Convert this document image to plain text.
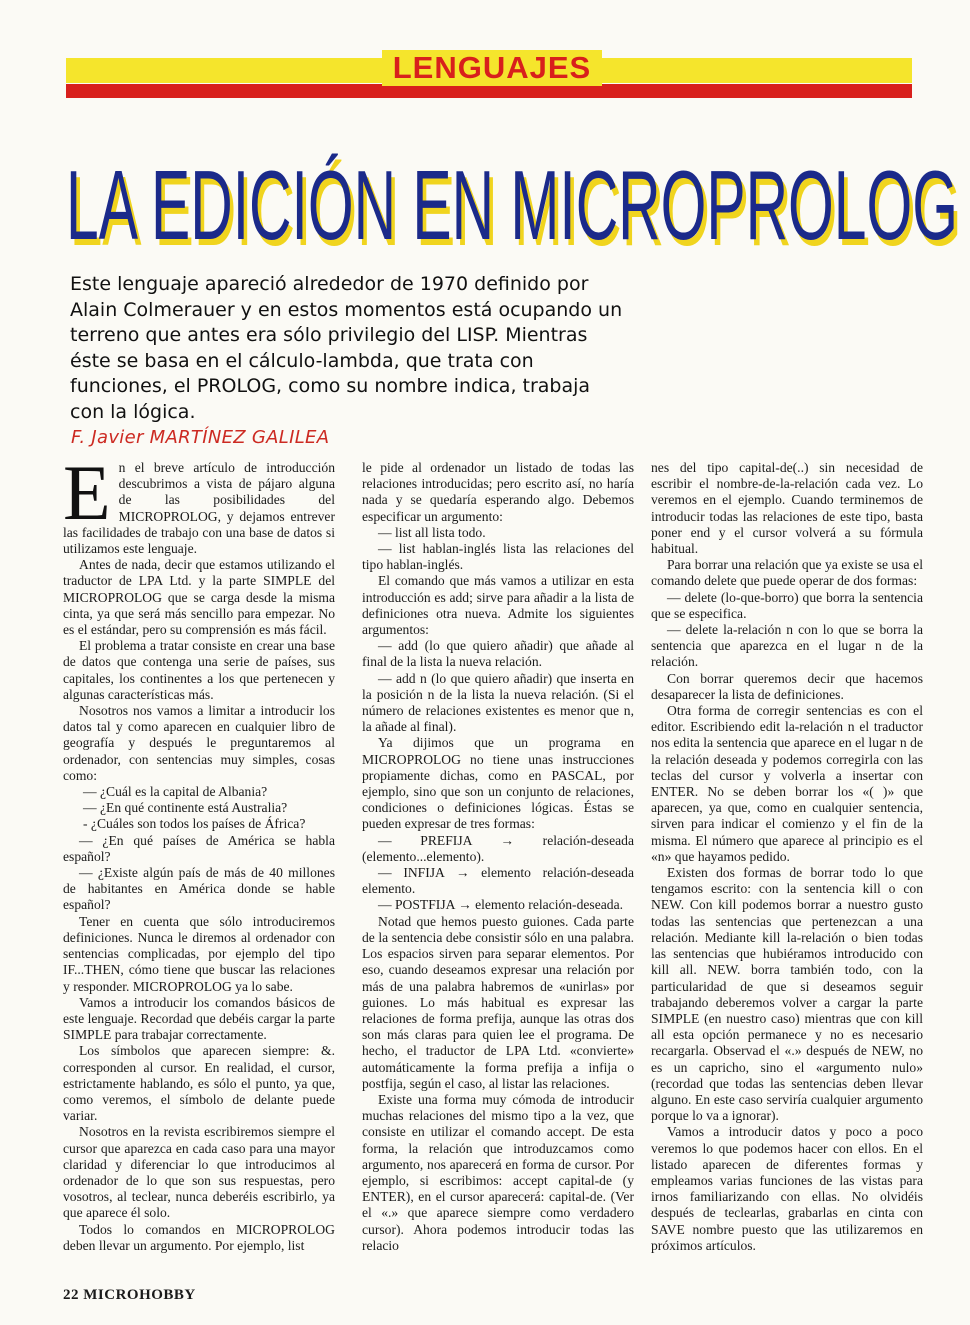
LENGUAJES
LA EDICIÓN EN MICROPROLOG

Este lenguaje apareció alrededor de 1970 definido por Alain Colmerauer y en estos momentos está ocupando un terreno que antes era sólo privilegio del LISP. Mientras éste se basa en el cálculo-lambda, que trata con funciones, el PROLOG, como su nombre indica, trabaja con la lógica.

F. Javier MARTÍNEZ GALILEA

En el breve artículo de introducción descubrimos a vista de pájaro alguna de las posibilidades del MICROPROLOG, y dejamos entrever las facilidades de trabajo con una base de datos si utilizamos este lenguaje.

Antes de nada, decir que estamos utilizando el traductor de LPA Ltd. y la parte SIMPLE del MICROPROLOG que se carga desde la misma cinta, ya que será más sencillo para empezar. No es el estándar, pero su comprensión es más fácil.

El problema a tratar consiste en crear una base de datos que contenga una serie de países, sus capitales, los continentes a los que pertenecen y algunas características más.

Nosotros nos vamos a limitar a introducir los datos tal y como aparecen en cualquier libro de geografía y después le preguntaremos al ordenador, con sentencias muy simples, cosas como:

— ¿Cuál es la capital de Albania?

— ¿En qué continente está Australia?

- ¿Cuáles son todos los países de África?

— ¿En qué países de América se habla español?

— ¿Existe algún país de más de 40 millones de habitantes en América donde se hable español?

Tener en cuenta que sólo introduciremos definiciones. Nunca le diremos al ordenador con sentencias complicadas, por ejemplo del tipo IF...THEN, cómo tiene que buscar las relaciones y responder. MICROPROLOG ya lo sabe.

Vamos a introducir los comandos básicos de este lenguaje. Recordad que debéis cargar la parte SIMPLE para trabajar correctamente.

Los símbolos que aparecen siempre: &. corresponden al cursor. En realidad, el cursor, estrictamente hablando, es sólo el punto, ya que, como veremos, el símbolo de delante puede variar.

Nosotros en la revista escribiremos siempre el cursor que aparezca en cada caso para una mayor claridad y diferenciar lo que introducimos al ordenador de lo que son sus respuestas, pero vosotros, al teclear, nunca deberéis escribirlo, ya que aparece él solo.

Todos lo comandos en MICROPROLOG deben llevar un argumento. Por ejemplo, list

le pide al ordenador un listado de todas las relaciones introducidas; pero escrito así, no haría nada y se quedaría esperando algo. Debemos especificar un argumento:

— list all lista todo.

— list hablan-inglés lista las relaciones del tipo hablan-inglés.

El comando que más vamos a utilizar en esta introducción es add; sirve para añadir a la lista de definiciones otra nueva. Admite los siguientes argumentos:

— add (lo que quiero añadir) que añade al final de la lista la nueva relación.

— add n (lo que quiero añadir) que inserta en la posición n de la lista la nueva relación. (Si el número de relaciones existentes es menor que n, la añade al final).

Ya dijimos que un programa en MICROPROLOG no tiene unas instrucciones propiamente dichas, como en PASCAL, por ejemplo, sino que son un conjunto de relaciones, condiciones o definiciones lógicas. Éstas se pueden expresar de tres formas:

— PREFIJA → relación-deseada (elemento...elemento).

— INFIJA → elemento relación-deseada elemento.

— POSTFIJA → elemento relación-deseada.

Notad que hemos puesto guiones. Cada parte de la sentencia debe consistir sólo en una palabra. Los espacios sirven para separar elementos. Por eso, cuando deseamos expresar una relación por más de una palabra habremos de «unirlas» por guiones. Lo más habitual es expresar las relaciones de forma prefija, aunque las otras dos son más claras para quien lee el programa. De hecho, el traductor de LPA Ltd. «convierte» automáticamente la forma prefija a infija o postfija, según el caso, al listar las relaciones.

Existe una forma muy cómoda de introducir muchas relaciones del mismo tipo a la vez, que consiste en utilizar el comando accept. De esta forma, la relación que introduzcamos como argumento, nos aparecerá en forma de cursor. Por ejemplo, si escribimos: accept capital-de (y ENTER), en el cursor aparecerá: capital-de. (Ver el «.» que aparece siempre como verdadero cursor). Ahora podemos introducir todas las relacio

nes del tipo capital-de(..) sin necesidad de escribir el nombre-de-la-relación cada vez. Lo veremos en el ejemplo. Cuando terminemos de introducir todas las relaciones de este tipo, basta poner end y el cursor volverá a su fórmula habitual.

Para borrar una relación que ya existe se usa el comando delete que puede operar de dos formas:

— delete (lo-que-borro) que borra la sentencia que se especifica.

— delete la-relación n con lo que se borra la sentencia que aparezca en el lugar n de la relación.

Con borrar queremos decir que hacemos desaparecer la lista de definiciones.

Otra forma de corregir sentencias es con el editor. Escribiendo edit la-relación n el traductor nos edita la sentencia que aparece en el lugar n de la relación deseada y podemos corregirla con las teclas del cursor y volverla a insertar con ENTER. No se deben borrar los «( )» que aparecen, ya que, como en cualquier sentencia, sirven para indicar el comienzo y el fin de la misma. El número que aparece al principio es el «n» que hayamos pedido.

Existen dos formas de borrar todo lo que tengamos escrito: con la sentencia kill o con NEW. Con kill podemos borrar a nuestro gusto todas las sentencias que pertenezcan a una relación. Mediante kill la-relación o bien todas las sentencias que hubiéramos introducido con kill all. NEW. borra también todo, con la particularidad de que si deseamos seguir trabajando deberemos volver a cargar la parte SIMPLE (en nuestro caso) mientras que con kill all esta opción permanece y no es necesario recargarla. Observad el «.» después de NEW, no es un capricho, sino el «argumento nulo» (recordad que todas las sentencias deben llevar alguno. En este caso serviría cualquier argumento porque lo va a ignorar).

Vamos a introducir datos y poco a poco veremos lo que podemos hacer con ellos. En el listado aparecen de diferentes formas y empleamos varias funciones de las vistas para irnos familiarizando con ellas. No olvidéis después de teclearlas, grabarlas en cinta con SAVE nombre puesto que las utilizaremos en próximos artículos.

22 MICROHOBBY
